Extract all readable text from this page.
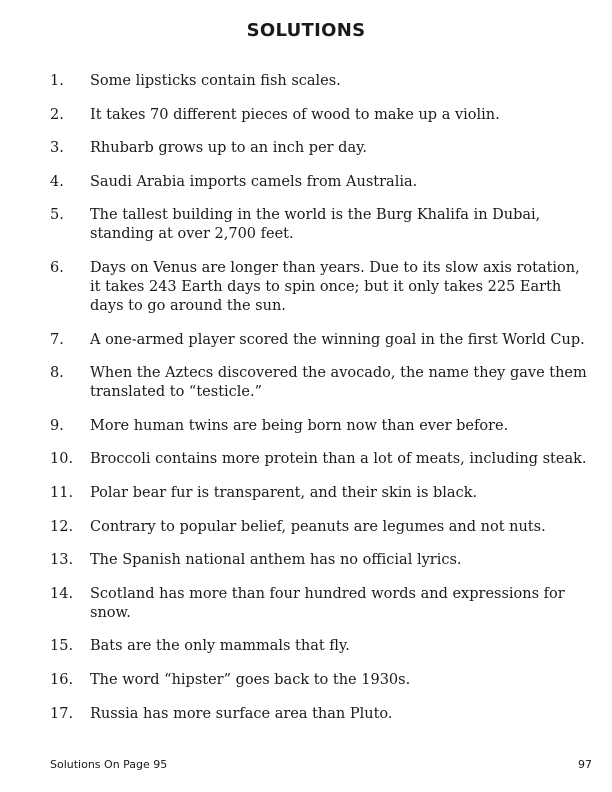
SOLUTIONS
1.	Some lipsticks contain fish scales.
2.	It takes 70 different pieces of wood to make up a violin.
3.	Rhubarb grows up to an inch per day.
4.	Saudi Arabia imports camels from Australia.
5.	The tallest building in the world is the Burg Khalifa in Dubai, standing at over 2,700 feet.
6.	Days on Venus are longer than years. Due to its slow axis rotation, it takes 243 Earth days to spin once; but it only takes 225 Earth days to go around the sun.
7.	A one-armed player scored the winning goal in the first World Cup.
8.	When the Aztecs discovered the avocado, the name they gave them translated to “testicle.”
9.	More human twins are being born now than ever before.
10.	Broccoli contains more protein than a lot of meats, including steak.
11.	Polar bear fur is transparent, and their skin is black.
12.	Contrary to popular belief, peanuts are legumes and not nuts.
13.	The Spanish national anthem has no official lyrics.
14.	Scotland has more than four hundred words and expressions for snow.
15.	Bats are the only mammals that fly.
16.	The word “hipster” goes back to the 1930s.
17.	Russia has more surface area than Pluto.
Solutions On Page 95	97
